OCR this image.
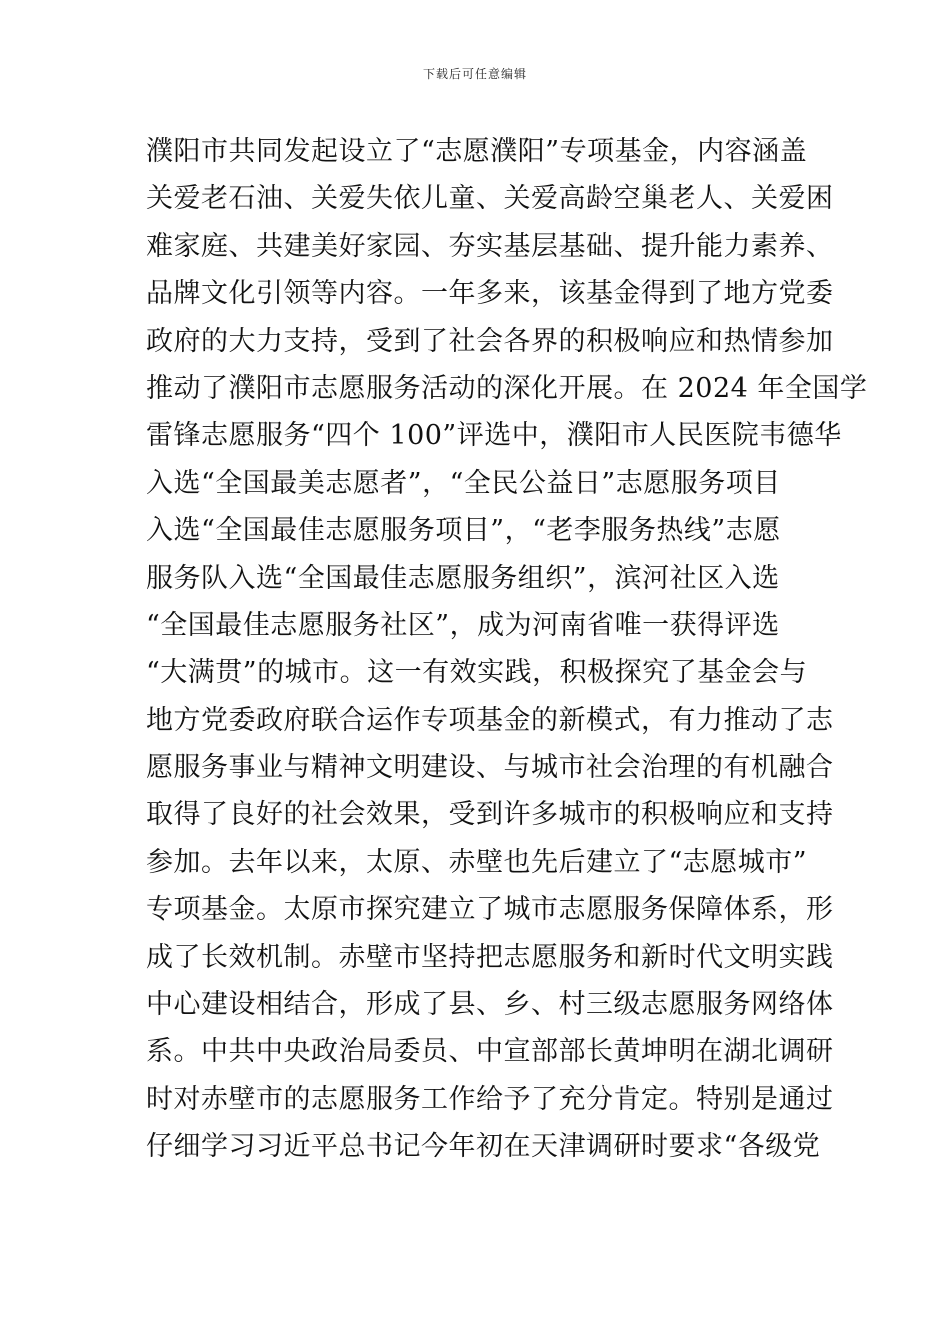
下载后可任意编辑
濮阳市共同发起设立了“志愿濮阳”专项基金，内容涵盖
关爱老石油、关爱失依儿童、关爱高龄空巢老人、关爱困
难家庭、共建美好家园、夯实基层基础、提升能力素养、
品牌文化引领等内容。一年多来，该基金得到了地方党委
政府的大力支持，受到了社会各界的积极响应和热情参加
推动了濮阳市志愿服务活动的深化开展。在 2024 年全国学
雷锋志愿服务“四个 100”评选中，濮阳市人民医院韦德华
入选“全国最美志愿者”，“全民公益日”志愿服务项目
入选“全国最佳志愿服务项目”，“老李服务热线”志愿
服务队入选“全国最佳志愿服务组织”，滨河社区入选
“全国最佳志愿服务社区”，成为河南省唯一获得评选
“大满贯”的城市。这一有效实践，积极探究了基金会与
地方党委政府联合运作专项基金的新模式，有力推动了志
愿服务事业与精神文明建设、与城市社会治理的有机融合
取得了良好的社会效果，受到许多城市的积极响应和支持
参加。去年以来，太原、赤壁也先后建立了“志愿城市”
专项基金。太原市探究建立了城市志愿服务保障体系，形
成了长效机制。赤壁市坚持把志愿服务和新时代文明实践
中心建设相结合，形成了县、乡、村三级志愿服务网络体
系。中共中央政治局委员、中宣部部长黄坤明在湖北调研
时对赤壁市的志愿服务工作给予了充分肯定。特别是通过
仔细学习习近平总书记今年初在天津调研时要求“各级党
